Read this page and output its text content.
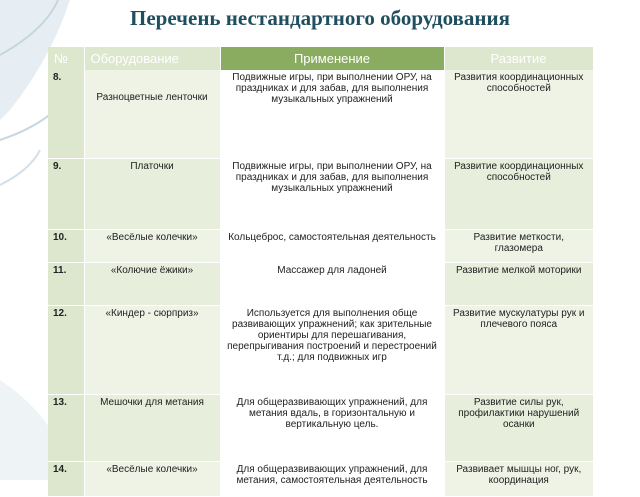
Перечень нестандартного оборудования
№	Оборудование	Применение	Развитие
8.	Разноцветные ленточки	Подвижные игры, при выполнении ОРУ, на праздниках и для забав, для выполнения музыкальных упражнений	Развития координационных способностей
9.	Платочки	Подвижные игры, при выполнении ОРУ, на праздниках и для забав, для выполнения музыкальных упражнений	Развитие координационных способностей
10.	«Весёлые колечки»	Кольцеброс, самостоятельная деятельность	Развитие меткости, глазомера
11.	«Колючие ёжики»	Массажер для ладоней	Развитие мелкой моторики
12.	«Киндер - сюрприз»	Используется для выполнения обще развивающих упражнений; как зрительные ориентиры для перешагивания, перепрыгивания построений и перестроений т.д.; для подвижных игр	Развитие мускулатуры рук и плечевого пояса
13.	Мешочки для метания	Для общеразвивающих упражнений, для метания вдаль, в горизонтальную и вертикальную цель.	Развитие силы рук, профилактики нарушений осанки
14.	«Весёлые колечки»	Для общеразвивающих упражнений, для метания, самостоятельная деятельность	Развивает мышцы ног, рук, координация
